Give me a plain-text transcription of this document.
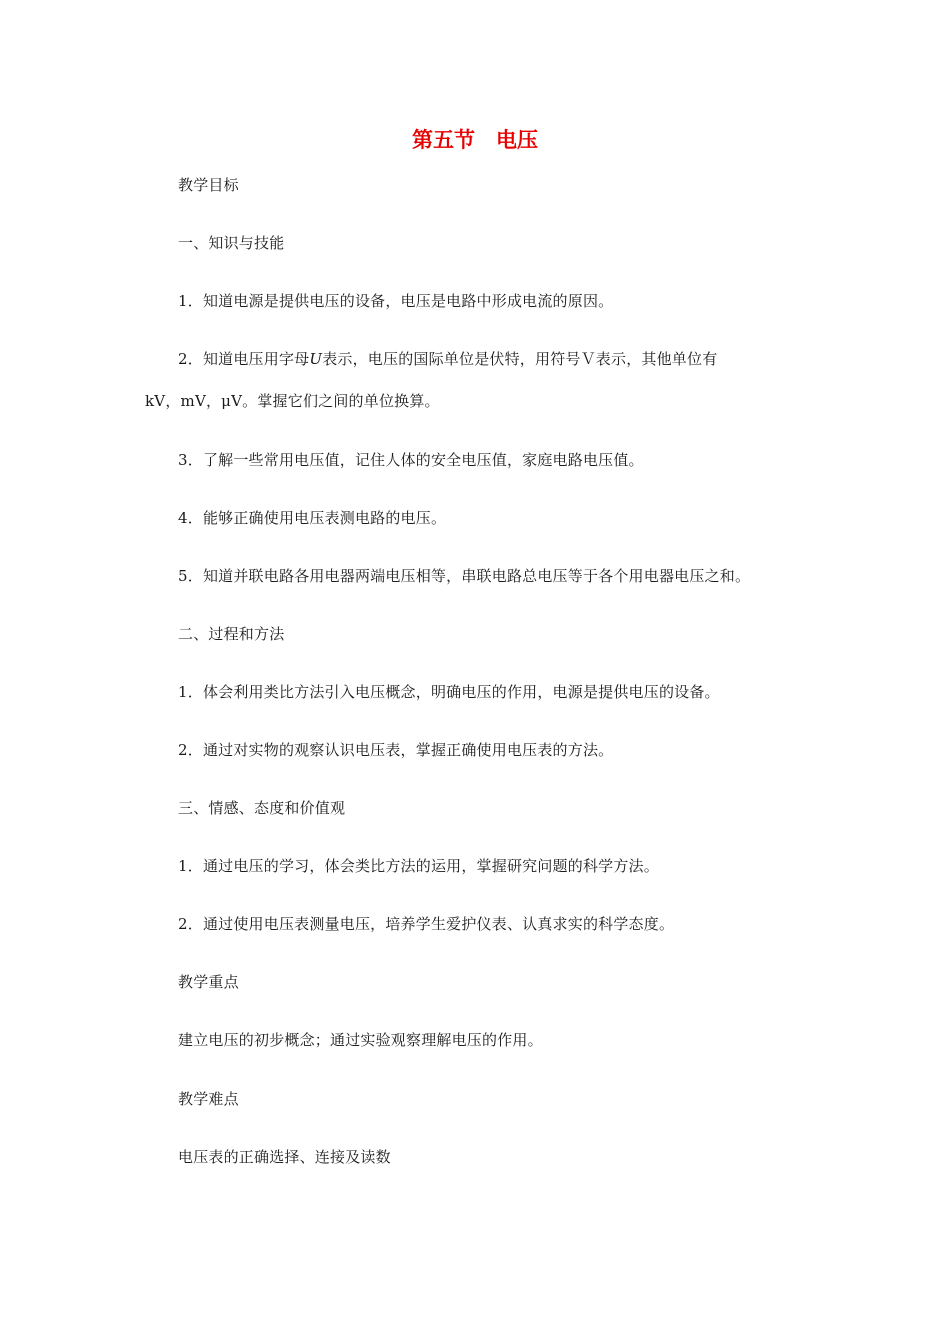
第五节　电压
教学目标
一、知识与技能
1．知道电源是提供电压的设备，电压是电路中形成电流的原因。
2．知道电压用字母U表示，电压的国际单位是伏特，用符号Ｖ表示，其他单位有
kV，mV，μV。掌握它们之间的单位换算。
3．了解一些常用电压值，记住人体的安全电压值，家庭电路电压值。
4．能够正确使用电压表测电路的电压。
5．知道并联电路各用电器两端电压相等，串联电路总电压等于各个用电器电压之和。
二、过程和方法
1．体会利用类比方法引入电压概念，明确电压的作用，电源是提供电压的设备。
2．通过对实物的观察认识电压表，掌握正确使用电压表的方法。
三、情感、态度和价值观
1．通过电压的学习，体会类比方法的运用，掌握研究问题的科学方法。
2．通过使用电压表测量电压，培养学生爱护仪表、认真求实的科学态度。
教学重点
建立电压的初步概念；通过实验观察理解电压的作用。
教学难点
电压表的正确选择、连接及读数
